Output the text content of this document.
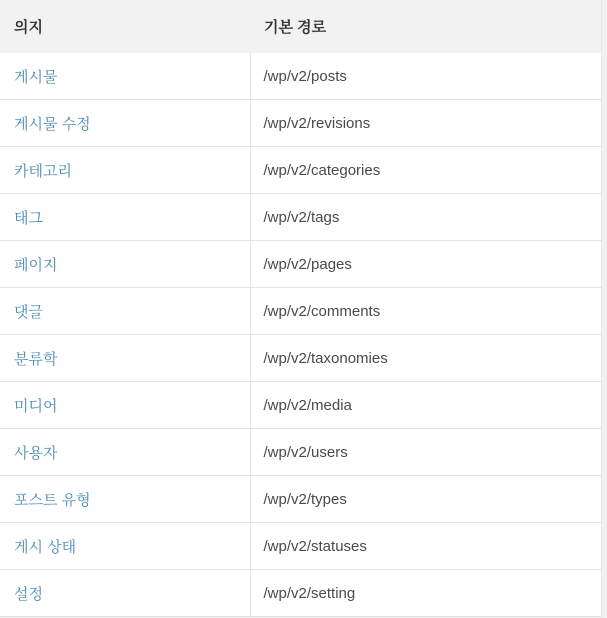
의지	기본 경로
게시물	/wp/v2/posts
게시물 수정	/wp/v2/revisions
카테고리	/wp/v2/categories
태그	/wp/v2/tags
페이지	/wp/v2/pages
댓글	/wp/v2/comments
분류학	/wp/v2/taxonomies
미디어	/wp/v2/media
사용자	/wp/v2/users
포스트 유형	/wp/v2/types
게시 상태	/wp/v2/statuses
설정	/wp/v2/setting
